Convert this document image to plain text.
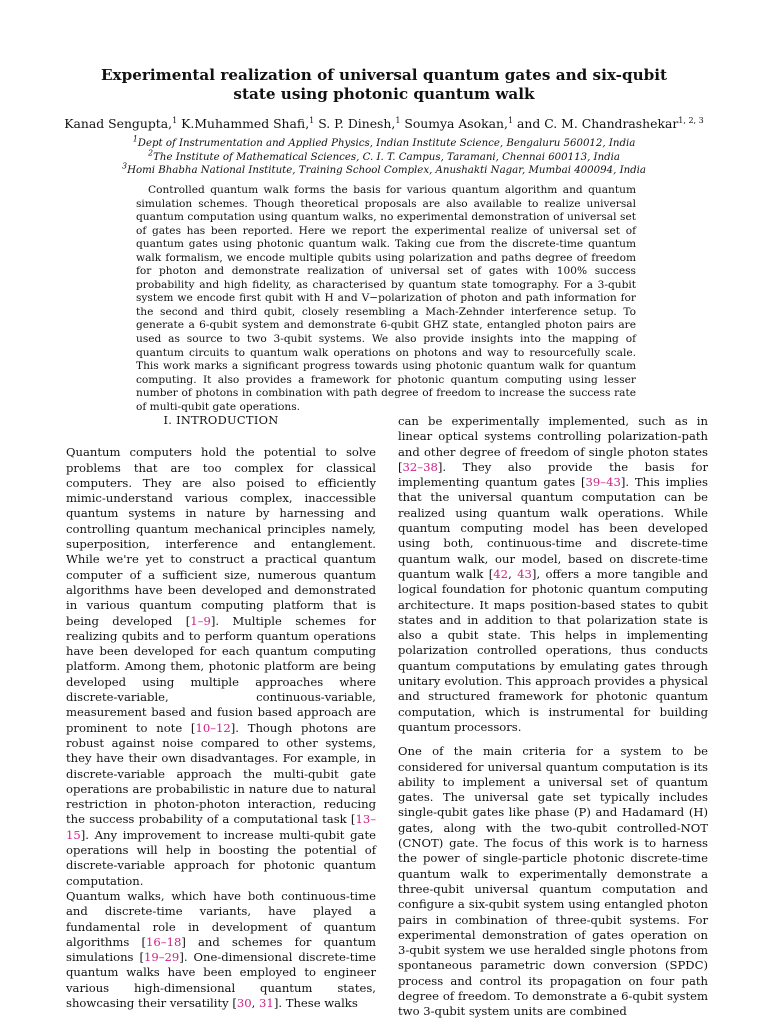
Experimental realization of universal quantum gates and six-qubit state using photonic quantum walk
Kanad Sengupta,$^1$ K.Muhammed Shafi,$^1$ S. P. Dinesh,$^1$ Soumya Asokan,$^1$ and C. M. Chandrashekar$^{1, 2, 3}$
$^1$Dept of Instrumentation and Applied Physics, Indian Institute Science, Bengaluru 560012, India
$^2$The Institute of Mathematical Sciences, C. I. T. Campus, Taramani, Chennai 600113, India
$^3$Homi Bhabha National Institute, Training School Complex, Anushakti Nagar, Mumbai 400094, India
Controlled quantum walk forms the basis for various quantum algorithm and quantum simulation schemes. Though theoretical proposals are also available to realize universal quantum computation using quantum walks, no experimental demonstration of universal set of gates has been reported. Here we report the experimental realize of universal set of quantum gates using photonic quantum walk. Taking cue from the discrete-time quantum walk formalism, we encode multiple qubits using polarization and paths degree of freedom for photon and demonstrate realization of universal set of gates with 100% success probability and high fidelity, as characterised by quantum state tomography. For a 3-qubit system we encode first qubit with H and V−polarization of photon and path information for the second and third qubit, closely resembling a Mach-Zehnder interference setup. To generate a 6-qubit system and demonstrate 6-qubit GHZ state, entangled photon pairs are used as source to two 3-qubit systems. We also provide insights into the mapping of quantum circuits to quantum walk operations on photons and way to resourcefully scale. This work marks a significant progress towards using photonic quantum walk for quantum computing. It also provides a framework for photonic quantum computing using lesser number of photons in combination with path degree of freedom to increase the success rate of multi-qubit gate operations.
I. INTRODUCTION
Quantum computers hold the potential to solve problems that are too complex for classical computers. They are also poised to efficiently mimic-understand various complex, inaccessible quantum systems in nature by harnessing and controlling quantum mechanical principles namely, superposition, interference and entanglement. While we're yet to construct a practical quantum computer of a sufficient size, numerous quantum algorithms have been developed and demonstrated in various quantum computing platform that is being developed [1–9]. Multiple schemes for realizing qubits and to perform quantum operations have been developed for each quantum computing platform. Among them, photonic platform are being developed using multiple approaches where discrete-variable, continuous-variable, measurement based and fusion based approach are prominent to note [10–12]. Though photons are robust against noise compared to other systems, they have their own disadvantages. For example, in discrete-variable approach the multi-qubit gate operations are probabilistic in nature due to natural restriction in photon-photon interaction, reducing the success probability of a computational task [13–15]. Any improvement to increase multi-qubit gate operations will help in boosting the potential of discrete-variable approach for photonic quantum computation.
Quantum walks, which have both continuous-time and discrete-time variants, have played a fundamental role in development of quantum algorithms [16–18] and schemes for quantum simulations [19–29]. One-dimensional discrete-time quantum walks have been employed to engineer various high-dimensional quantum states, showcasing their versatility [30, 31]. These walks
can be experimentally implemented, such as in linear optical systems controlling polarization-path and other degree of freedom of single photon states [32–38]. They also provide the basis for implementing quantum gates [39–43]. This implies that the universal quantum computation can be realized using quantum walk operations. While quantum computing model has been developed using both, continuous-time and discrete-time quantum walk, our model, based on discrete-time quantum walk [42, 43], offers a more tangible and logical foundation for photonic quantum computing architecture. It maps position-based states to qubit states and in addition to that polarization state is also a qubit state. This helps in implementing polarization controlled operations, thus conducts quantum computations by emulating gates through unitary evolution. This approach provides a physical and structured framework for photonic quantum computation, which is instrumental for building quantum processors.
One of the main criteria for a system to be considered for universal quantum computation is its ability to implement a universal set of quantum gates. The universal gate set typically includes single-qubit gates like phase (P) and Hadamard (H) gates, along with the two-qubit controlled-NOT (CNOT) gate. The focus of this work is to harness the power of single-particle photonic discrete-time quantum walk to experimentally demonstrate a three-qubit universal quantum computation and configure a six-qubit system using entangled photon pairs in combination of three-qubit systems. For experimental demonstration of gates operation on 3-qubit system we use heralded single photons from spontaneous parametric down conversion (SPDC) process and control its propagation on four path degree of freedom. To demonstrate a 6-qubit system two 3-qubit system units are combined
